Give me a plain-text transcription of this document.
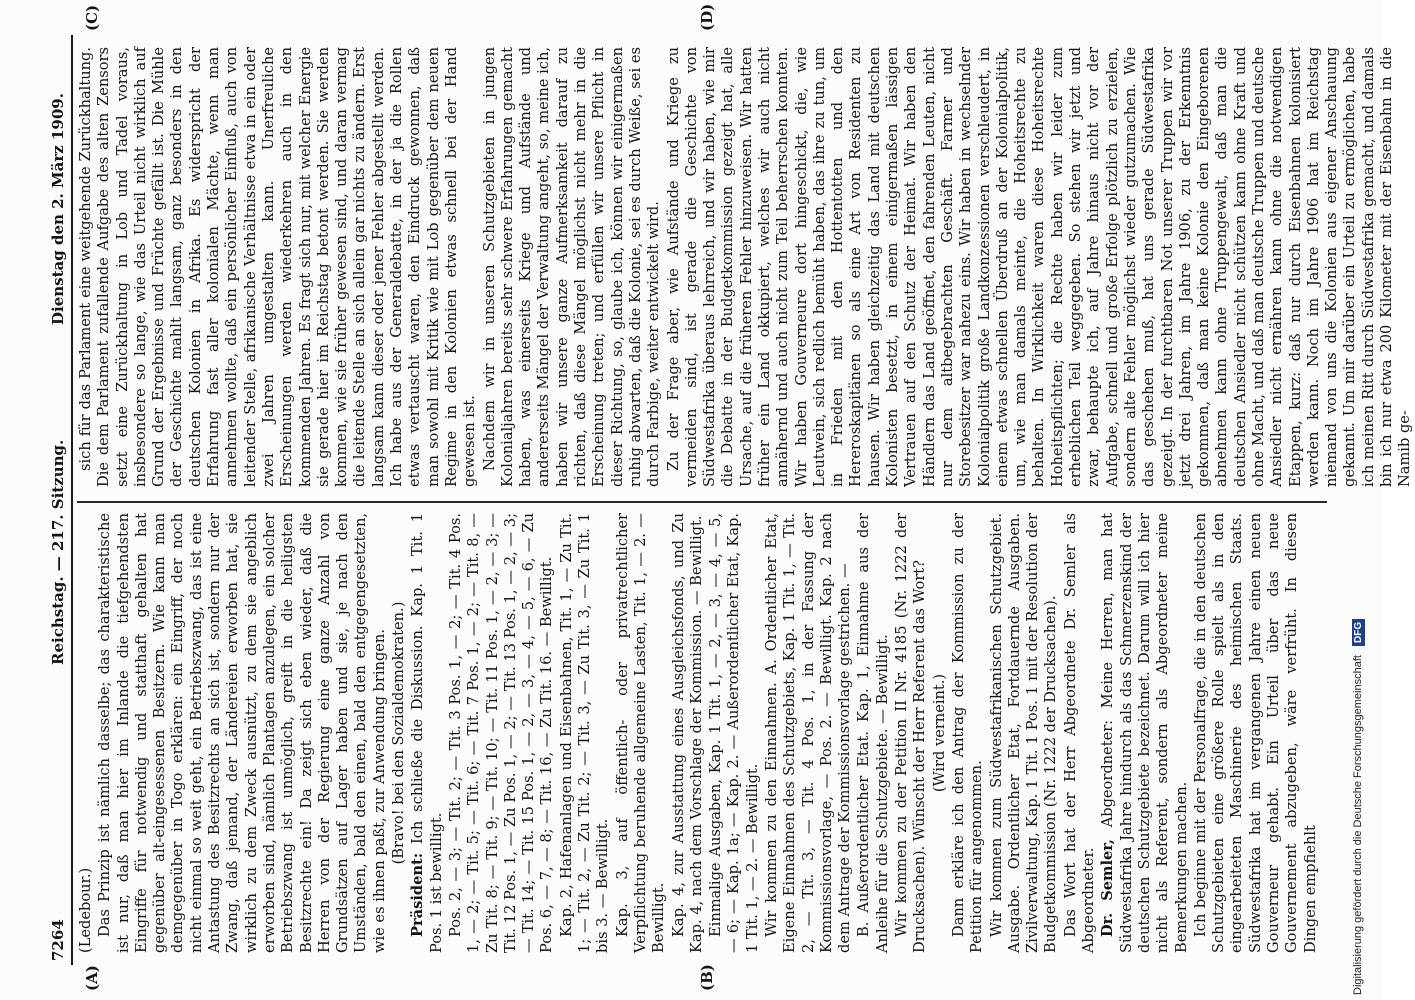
7264
Reichstag. — 217. Sitzung.
Dienstag den 2. März 1909.
(A)	(B)
(C)	(D)

(Ledebour.) Das Prinzip ist nämlich dasselbe; das charakteristische ist nur, daß man hier im Inlande die tiefgehendsten Eingriffe für notwendig und statthaft gehalten hat gegenüber alt-eingesessenen Besitzern. Wie kann man demgegenüber in Togo erklären: ein Eingriff, der noch nicht einmal so weit geht, ein Betriebszwang, das ist eine Antastung des Besitzrechts an sich ist, sondern nur der Zwang, daß jemand, der Ländereien erworben hat, sie wirklich zu dem Zweck ausnützt, zu dem sie angeblich erworben sind, nämlich Plantagen anzulegen, ein solcher Betriebszwang ist unmöglich, greift in die heiligsten Besitzrechte ein! Da zeigt sich eben wieder, daß die Herren von der Regierung eine ganze Anzahl von Grundsätzen auf Lager haben und sie, je nach den Umständen, bald den einen, bald den entgegengesetzten, wie es ihnen paßt, zur Anwendung bringen. (Bravo! bei den Sozialdemokraten.)

Präsident: Ich schließe die Diskussion. Kap. 1 Tit. 1 Pos. 1 ist bewilligt. Pos. 2, — 3; — Tit. 2; — Tit. 3 Pos. 1, — 2; — Tit. 4 Pos. 1, — 2; — Tit. 5; — Tit. 6; — Tit. 7 Pos. 1, — 2; — Tit. 8, — Zu Tit. 8; — Tit. 9; — Tit. 10; — Tit. 11 Pos. 1, — 2, — 3; — Tit. 12 Pos. 1, — Zu Pos. 1, — 2; — Tit. 13 Pos. 1, — 2, — 3; — Tit. 14; — Tit. 15 Pos. 1, — 2, — 3, — 4, — 5, — 6, — Zu Pos. 6, — 7, — 8; — Tit. 16, — Zu Tit. 16. — Bewilligt. Kap. 2, Hafenanlagen und Eisenbahnen, Tit. 1, — Zu Tit. 1; — Tit. 2, — Zu Tit. 2; — Tit. 3, — Zu Tit. 3, — Zu Tit. 1 bis 3. — Bewilligt. Kap. 3, auf öffentlich- oder privatrechtlicher Verpflichtung beruhende allgemeine Lasten, Tit. 1, — 2. — Bewilligt. Kap. 4, zur Ausstattung eines Ausgleichsfonds, und Zu Kap. 4, nach dem Vorschlage der Kommission. — Bewilligt. Einmalige Ausgaben, Kap. 1 Tit. 1, — 2, — 3, — 4, — 5, — 6; — Kap. 1a; — Kap. 2. — Außerordentlicher Etat, Kap. 1 Tit. 1, — 2. — Bewilligt. Wir kommen zu den Einnahmen. A. Ordentlicher Etat, Eigene Einnahmen des Schutzgebiets, Kap. 1 Tit. 1, — Tit. 2, — Tit. 3, — Tit. 4 Pos. 1, in der Fassung der Kommissionsvorlage, — Pos. 2. — Bewilligt. Kap. 2 nach dem Antrage der Kommissionsvorlage gestrichen. — B. Außerordentlicher Etat. Kap. 1, Einnahme aus der Anleihe für die Schutzgebiete. — Bewilligt. Wir kommen zu der Petition II Nr. 4185 (Nr. 1222 der Drucksachen). Wünscht der Herr Referent das Wort? (Wird verneint.) Dann erkläre ich den Antrag der Kommission zu der Petition für angenommen. Wir kommen zum Südwestafrikanischen Schutzgebiet. Ausgabe. Ordentlicher Etat, Fortdauernde Ausgaben. Zivilverwaltung, Kap. 1 Tit. 1 Pos. 1 mit der Resolution der Budgetkommission (Nr. 1222 der Drucksachen). Das Wort hat der Herr Abgeordnete Dr. Semler als Abgeordneter. Dr. Semler, Abgeordneter: Meine Herren, man hat Südwestafrika Jahre hindurch als das Schmerzenskind der deutschen Schutzgebiete bezeichnet. Darum will ich hier nicht als Referent, sondern als Abgeordneter meine Bemerkungen machen. Ich beginne mit der Personalfrage, die in den deutschen Schutzgebieten eine größere Rolle spielt als in den eingearbeiteten Maschinerie des heimischen Staats. Südwestafrika hat im vergangenen Jahre einen neuen Gouverneur gehabt. Ein Urteil über das neue Gouvernement abzugeben, wäre verfrüht. In diesen Dingen empfiehlt

sich für das Parlament eine weitgehende Zurückhaltung. Die dem Parlament zufallende Aufgabe des alten Zensors setzt eine Zurückhaltung in Lob und Tadel voraus, insbesondere so lange, wie das Urteil nicht wirklich auf Grund der Ergebnisse und Früchte gefällt ist. Die Mühle der Geschichte mahlt langsam, ganz besonders in den deutschen Kolonien in Afrika. Es widerspricht der Erfahrung fast aller kolonialen Mächte, wenn man annehmen wollte, daß ein persönlicher Einfluß, auch von leitender Stelle, afrikanische Verhältnisse etwa in ein oder zwei Jahren umgestalten kann. Unerfreuliche Erscheinungen werden wiederkehren auch in den kommenden Jahren. Es fragt sich nur, mit welcher Energie sie gerade hier im Reichstag betont werden. Sie werden kommen, wie sie früher gewesen sind, und daran vermag die leitende Stelle an sich allein gar nichts zu ändern. Erst langsam kann dieser oder jener Fehler abgestellt werden. Ich habe aus der Generaldebatte, in der ja die Rollen etwas vertauscht waren, den Eindruck gewonnen, daß man sowohl mit Kritik wie mit Lob gegenüber dem neuen Regime in den Kolonien etwas schnell bei der Hand gewesen ist. Nachdem wir in unseren Schutzgebieten in jungen Kolonialjahren bereits sehr schwere Erfahrungen gemacht haben, was einerseits Kriege und Aufstände und andererseits Mängel der Verwaltung angeht, so, meine ich, haben wir unsere ganze Aufmerksamkeit darauf zu richten, daß diese Mängel möglichst nicht mehr in die Erscheinung treten; und erfüllen wir unsere Pflicht in dieser Richtung, so, glaube ich, können wir einigermaßen ruhig abwarten, daß die Kolonie, sei es durch Weiße, sei es durch Farbige, weiter entwickelt wird. Zu der Frage aber, wie Aufstände und Kriege zu vermeiden sind, ist gerade die Geschichte von Südwestafrika überaus lehrreich, und wir haben, wie mir die Debatte in der Budgetkommission gezeigt hat, alle Ursache, auf die früheren Fehler hinzuweisen. Wir hatten früher ein Land okkupiert, welches wir auch nicht annähernd und auch nicht zum Teil beherrschen konnten. Wir haben Gouverneure dort hingeschickt, die, wie Leutwein, sich redlich bemüht haben, das ihre zu tun, um in Frieden mit den Hottentotten und den Hereroskapitänen so als eine Art von Residenten zu hausen. Wir haben gleichzeitig das Land mit deutschen Kolonisten besetzt, in einem einigermaßen lässigen Vertrauen auf den Schutz der Heimat. Wir haben den Händlern das Land geöffnet, den fahrenden Leuten, nicht nur dem altbegebrachten Geschäft. Farmer und Storebesitzer war nahezu eins. Wir haben in wechselnder Kolonialpolitik große Landkonzessionen verschleudert, in einem etwas schnellen Überdruß an der Kolonialpolitik, um, wie man damals meinte, die Hoheitsrechte zu behalten. In Wirklichkeit waren diese Hoheitsrechte Hoheitspflichten; die Rechte haben wir leider zum erheblichen Teil weggegeben. So stehen wir jetzt und zwar, behaupte ich, auf Jahre hinaus nicht vor der Aufgabe, schnell und große Erfolge plötzlich zu erzielen, sondern alte Fehler möglichst wieder gutzumachen. Wie das geschehen muß, hat uns gerade Südwestafrika gezeigt. In der furchtbaren Not unserer Truppen wir vor jetzt drei Jahren, im Jahre 1906, zu der Erkenntnis gekommen, daß man keine Kolonie den Eingeborenen abnehmen kann ohne Truppengewalt, daß man die deutschen Ansiedler nicht schützen kann ohne Kraft und ohne Macht, und daß man deutsche Truppen und deutsche Ansiedler nicht ernähren kann ohne die notwendigen Etappen, kurz: daß nur durch Eisenbahnen kolonisiert werden kann. Noch im Jahre 1906 hat im Reichstag niemand von uns die Kolonien aus eigener Anschauung gekannt. Um mir darüber ein Urteil zu ermöglichen, habe ich meinen Ritt durch Südwestafrika gemacht, und damals bin ich nur etwa 200 Kilometer mit der Eisenbahn in die Namib ge-

Digitalisierung gefördert durch die Deutsche Forschungsgemeinschaft DFG
